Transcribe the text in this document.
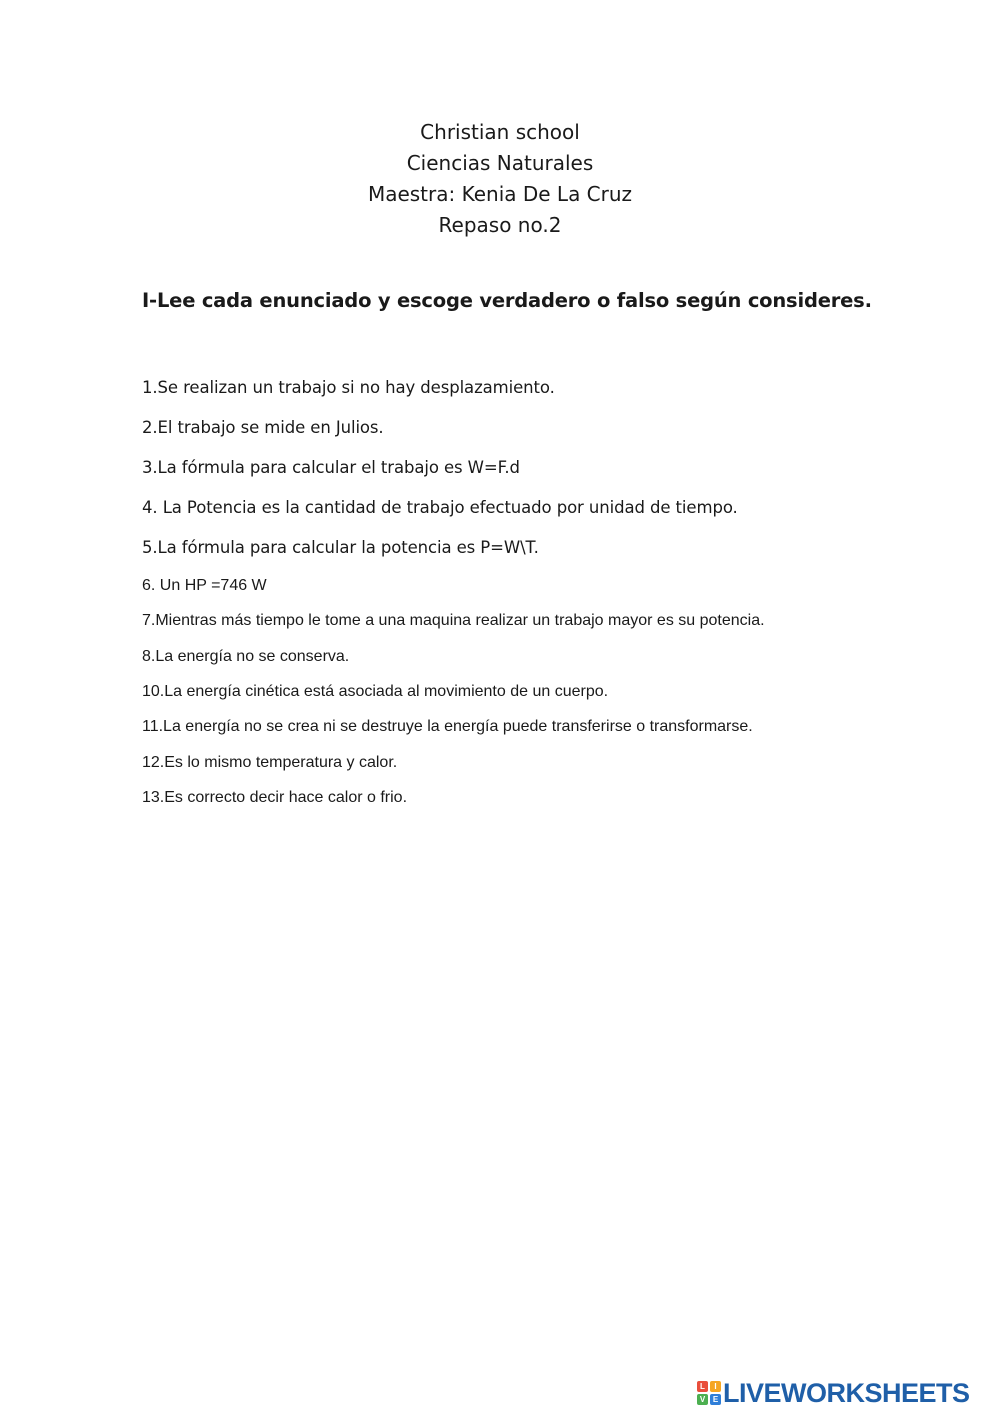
Christian school
Ciencias Naturales
Maestra: Kenia De La Cruz
Repaso no.2
I-Lee cada enunciado y escoge verdadero o falso según consideres.
1.Se realizan un trabajo si no hay desplazamiento.
2.El trabajo se mide en Julios.
3.La fórmula para calcular el trabajo es W=F.d
4. La Potencia es la cantidad de trabajo efectuado por unidad de tiempo.
5.La fórmula para calcular la potencia es P=W\T.
6. Un HP =746 W
7.Mientras más tiempo le tome a una maquina realizar un trabajo mayor es su potencia.
8.La energía no se conserva.
10.La energía cinética está asociada al movimiento de un cuerpo.
11.La energía no se crea ni se destruye la energía puede transferirse o transformarse.
12.Es lo mismo temperatura y calor.
13.Es correcto decir hace calor o frio.
L	I
V E LIVEWORKSHEETS
